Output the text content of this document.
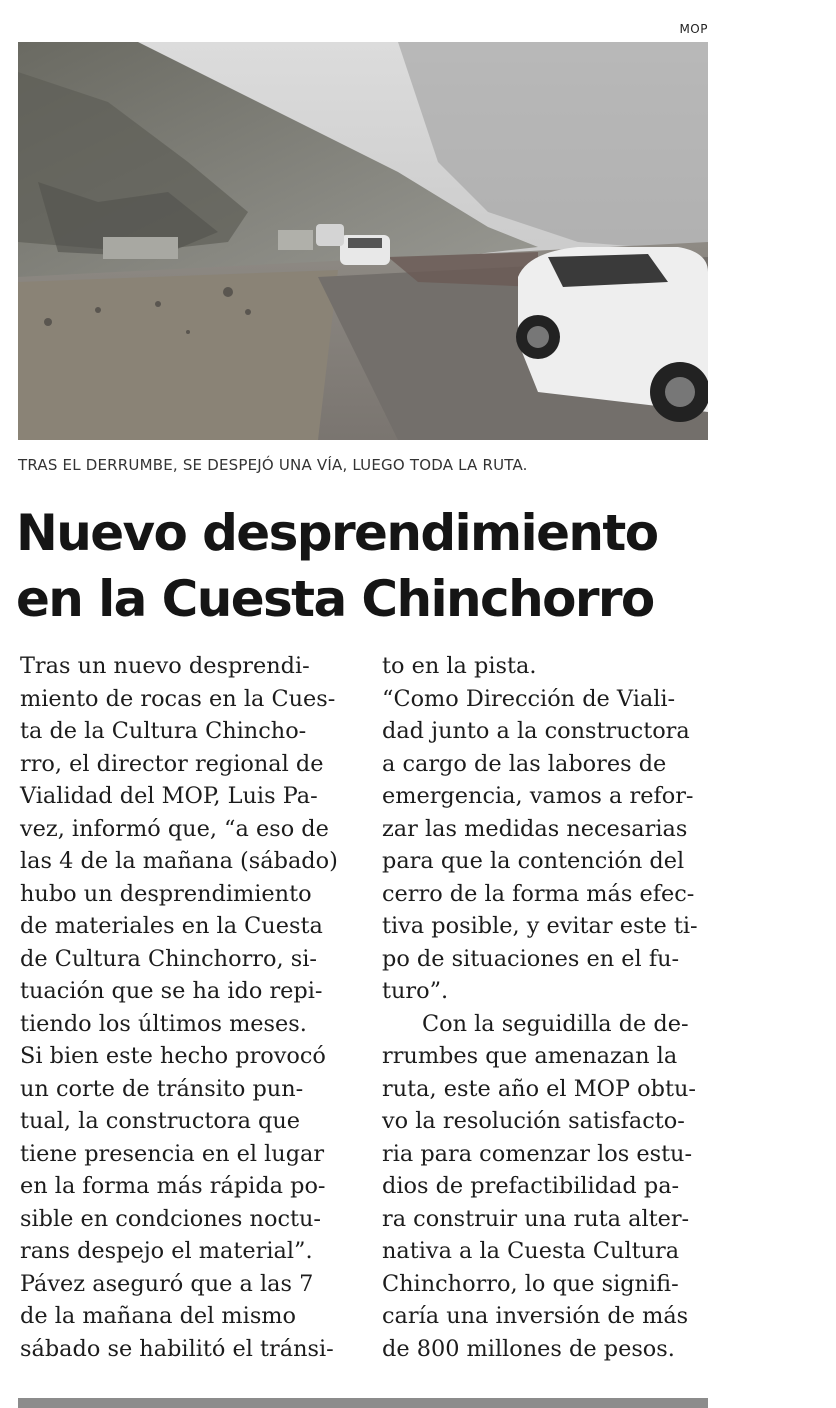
MOP
TRAS EL DERRUMBE, SE DESPEJÓ UNA VÍA, LUEGO TODA LA RUTA.
Nuevo desprendimiento
en la Cuesta Chinchorro
Tras un nuevo desprendi-
miento de rocas en la Cues-
ta de la Cultura Chincho-
rro, el director regional de
Vialidad del MOP, Luis Pa-
vez, informó que, “a eso de
las 4 de la mañana (sábado)
hubo un desprendimiento
de materiales en la Cuesta
de Cultura Chinchorro, si-
tuación que se ha ido repi-
tiendo los últimos meses.
Si bien este hecho provocó
un corte de tránsito pun-
tual, la constructora que
tiene presencia en el lugar
en la forma más rápida po-
sible en condciones noctu-
rans despejo el material”.
Pávez aseguró que a las 7
de la mañana del mismo
sábado se habilitó el tránsi-
to en la pista.
“Como Dirección de Viali-
dad junto a la constructora
a cargo de las labores de
emergencia, vamos a refor-
zar las medidas necesarias
para que la contención del
cerro de la forma más efec-
tiva posible, y evitar este ti-
po de situaciones en el fu-
turo”.
Con la seguidilla de de-
rrumbes que amenazan la
ruta, este año el MOP obtu-
vo la resolución satisfacto-
ria para comenzar los estu-
dios de prefactibilidad pa-
ra construir una ruta alter-
nativa a la Cuesta Cultura
Chinchorro, lo que signifi-
caría una inversión de más
de 800 millones de pesos.
